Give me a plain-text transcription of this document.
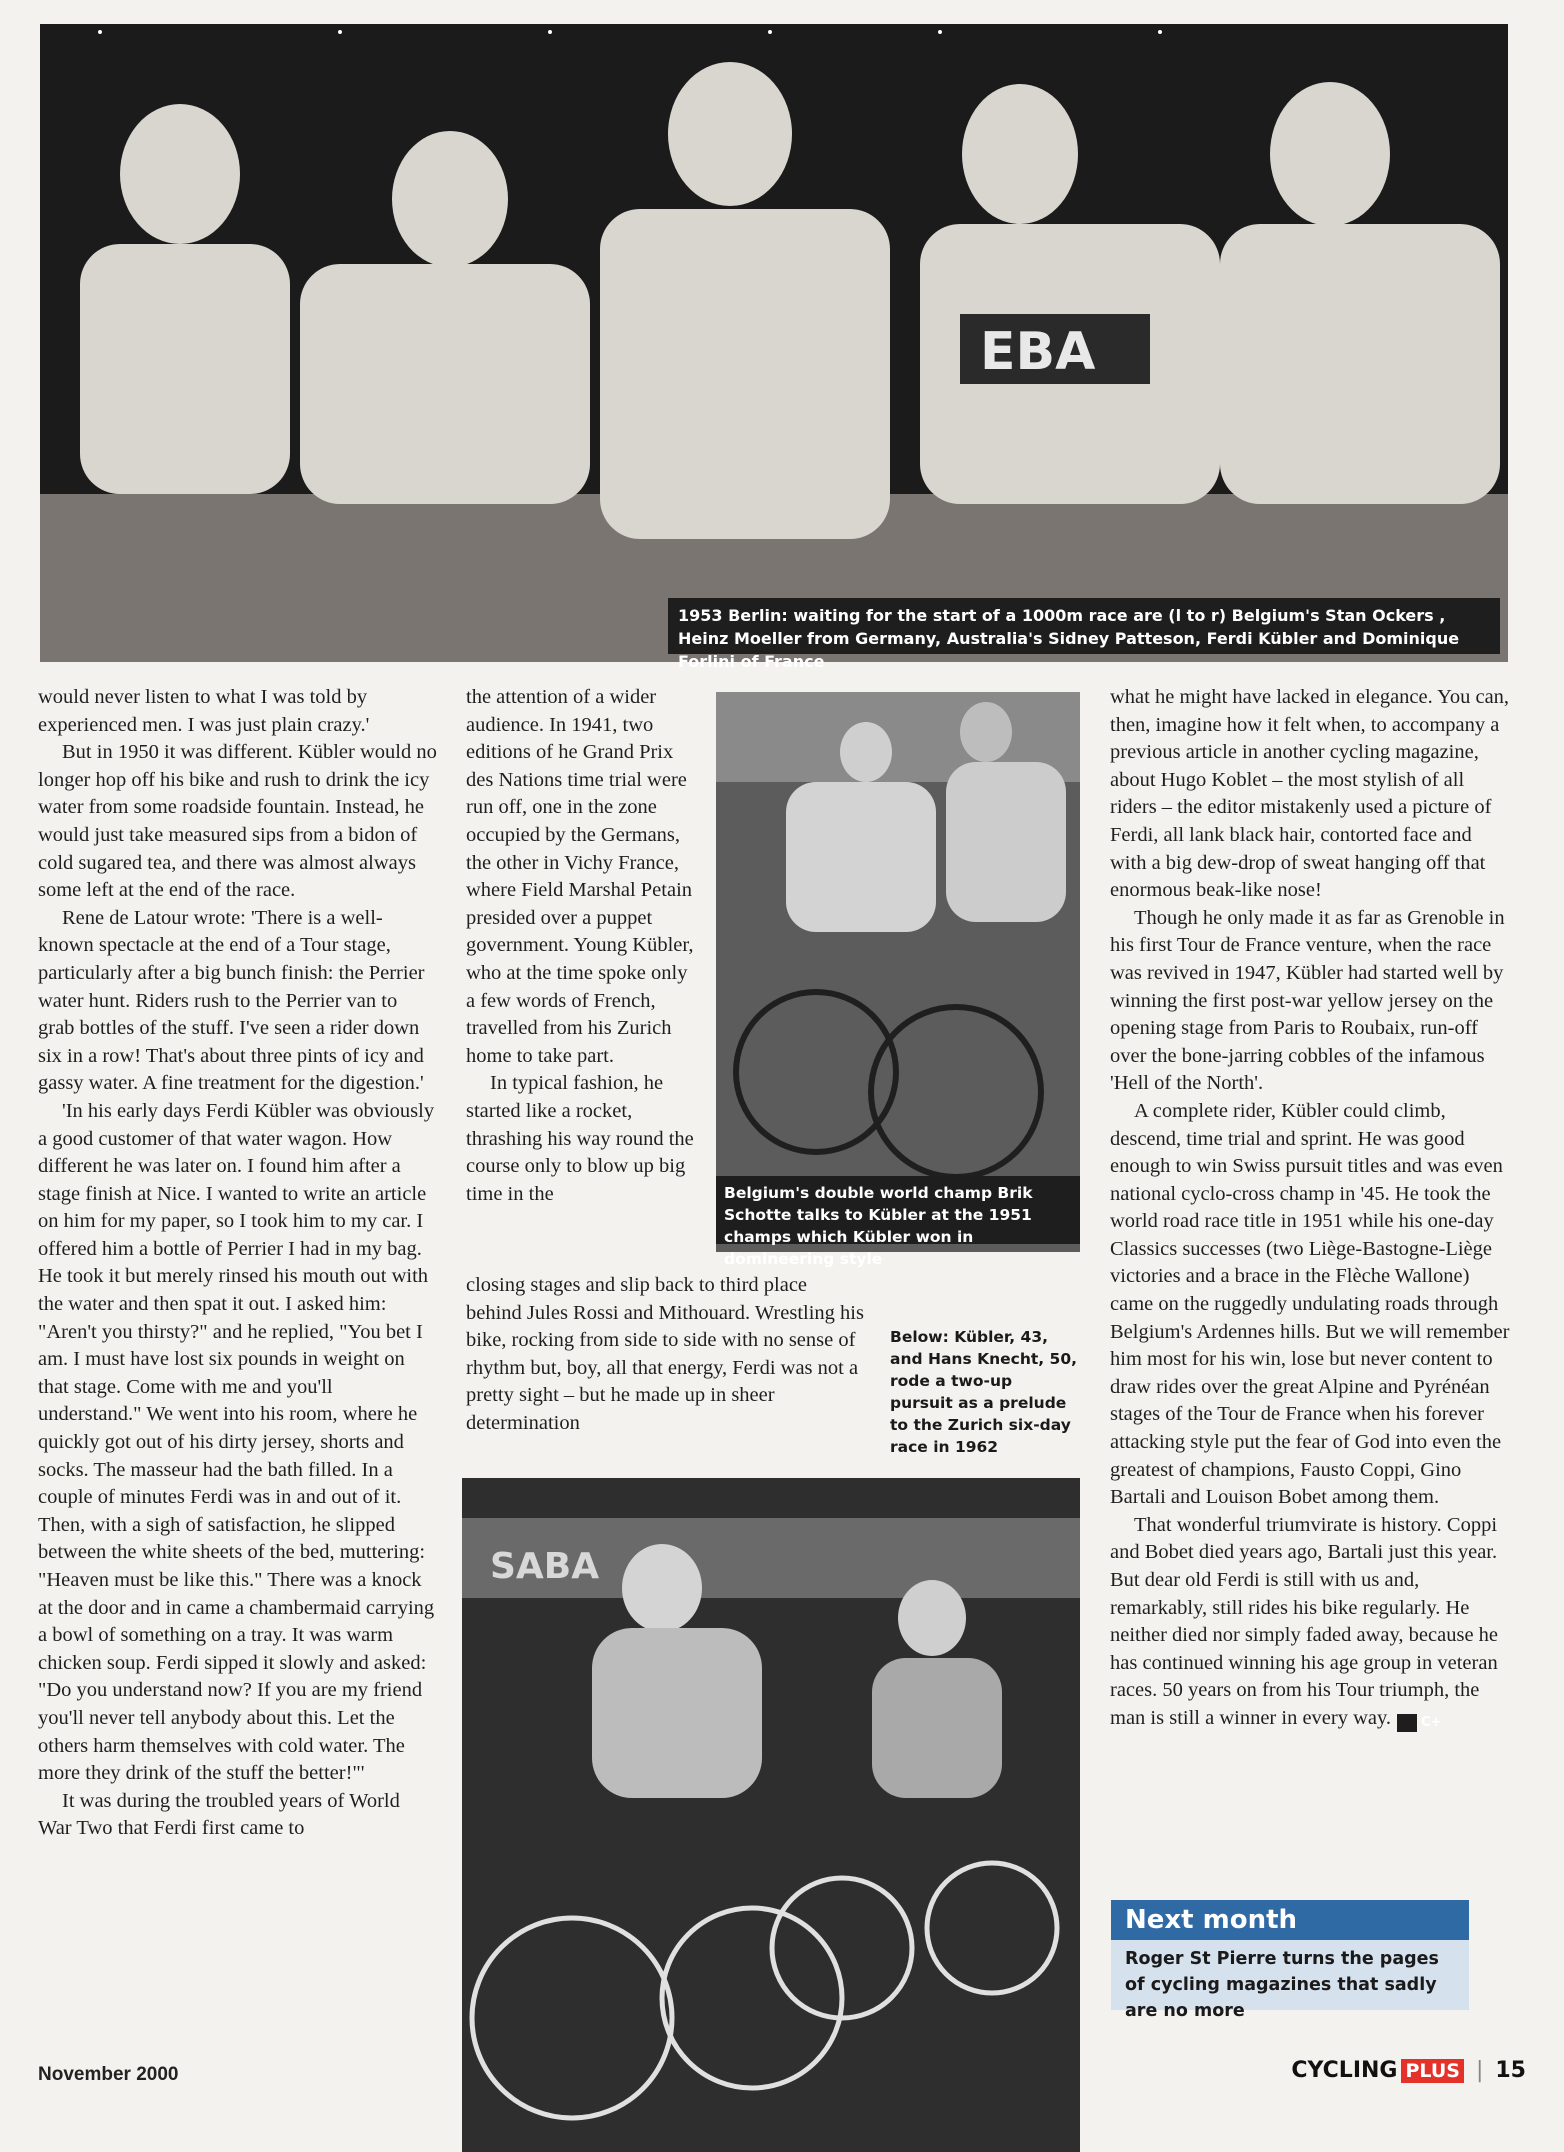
EBA
1953 Berlin: waiting for the start of a 1000m race are (l to r) Belgium's Stan Ockers , Heinz Moeller from Germany, Australia's Sidney Patteson, Ferdi Kübler and Dominique Forlini of France

would never listen to what I was told by experienced men. I was just plain crazy.'

But in 1950 it was different. Kübler would no longer hop off his bike and rush to drink the icy water from some roadside fountain. Instead, he would just take measured sips from a bidon of cold sugared tea, and there was almost always some left at the end of the race.

Rene de Latour wrote: 'There is a well-known spectacle at the end of a Tour stage, particularly after a big bunch finish: the Perrier water hunt. Riders rush to the Perrier van to grab bottles of the stuff. I've seen a rider down six in a row! That's about three pints of icy and gassy water. A fine treatment for the digestion.'

'In his early days Ferdi Kübler was obviously a good customer of that water wagon. How different he was later on. I found him after a stage finish at Nice. I wanted to write an article on him for my paper, so I took him to my car. I offered him a bottle of Perrier I had in my bag. He took it but merely rinsed his mouth out with the water and then spat it out. I asked him: "Aren't you thirsty?" and he replied, "You bet I am. I must have lost six pounds in weight on that stage. Come with me and you'll understand." We went into his room, where he quickly got out of his dirty jersey, shorts and socks. The masseur had the bath filled. In a couple of minutes Ferdi was in and out of it. Then, with a sigh of satisfaction, he slipped between the white sheets of the bed, muttering: "Heaven must be like this." There was a knock at the door and in came a chambermaid carrying a bowl of something on a tray. It was warm chicken soup. Ferdi sipped it slowly and asked: "Do you understand now? If you are my friend you'll never tell anybody about this. Let the others harm themselves with cold water. The more they drink of the stuff the better!"'

It was during the troubled years of World War Two that Ferdi first came to

the attention of a wider audience. In 1941, two editions of he Grand Prix des Nations time trial were run off, one in the zone occupied by the Germans, the other in Vichy France, where Field Marshal Petain presided over a puppet government. Young Kübler, who at the time spoke only a few words of French, travelled from his Zurich home to take part.

In typical fashion, he started like a rocket, thrashing his way round the course only to blow up big time in the

closing stages and slip back to third place behind Jules Rossi and Mithouard. Wrestling his bike, rocking from side to side with no sense of rhythm but, boy, all that energy, Ferdi was not a pretty sight – but he made up in sheer determination

Belgium's double world champ Brik Schotte talks to Kübler at the 1951 champs which Kübler won in domineering style
Below: Kübler, 43, and Hans Knecht, 50, rode a two-up pursuit as a prelude to the Zurich six-day race in 1962
SABA

what he might have lacked in elegance. You can, then, imagine how it felt when, to accompany a previous article in another cycling magazine, about Hugo Koblet – the most stylish of all riders – the editor mistakenly used a picture of Ferdi, all lank black hair, contorted face and with a big dew-drop of sweat hanging off that enormous beak-like nose!

Though he only made it as far as Grenoble in his first Tour de France venture, when the race was revived in 1947, Kübler had started well by winning the first post-war yellow jersey on the opening stage from Paris to Roubaix, run-off over the bone-jarring cobbles of the infamous 'Hell of the North'.

A complete rider, Kübler could climb, descend, time trial and sprint. He was good enough to win Swiss pursuit titles and was even national cyclo-cross champ in '45. He took the world road race title in 1951 while his one-day Classics successes (two Liège-Bastogne-Liège victories and a brace in the Flèche Wallone) came on the ruggedly undulating roads through Belgium's Ardennes hills. But we will remember him most for his win, lose but never content to draw rides over the great Alpine and Pyrénéan stages of the Tour de France when his forever attacking style put the fear of God into even the greatest of champions, Fausto Coppi, Gino Bartali and Louison Bobet among them.

That wonderful triumvirate is history. Coppi and Bobet died years ago, Bartali just this year. But dear old Ferdi is still with us and, remarkably, still rides his bike regularly. He neither died nor simply faded away, because he has continued winning his age group in veteran races. 50 years on from his Tour triumph, the man is still a winner in every way. C+

Next month
Roger St Pierre turns the pages of cycling magazines that sadly are no more
November 2000	CYCLING PLUS | 15
